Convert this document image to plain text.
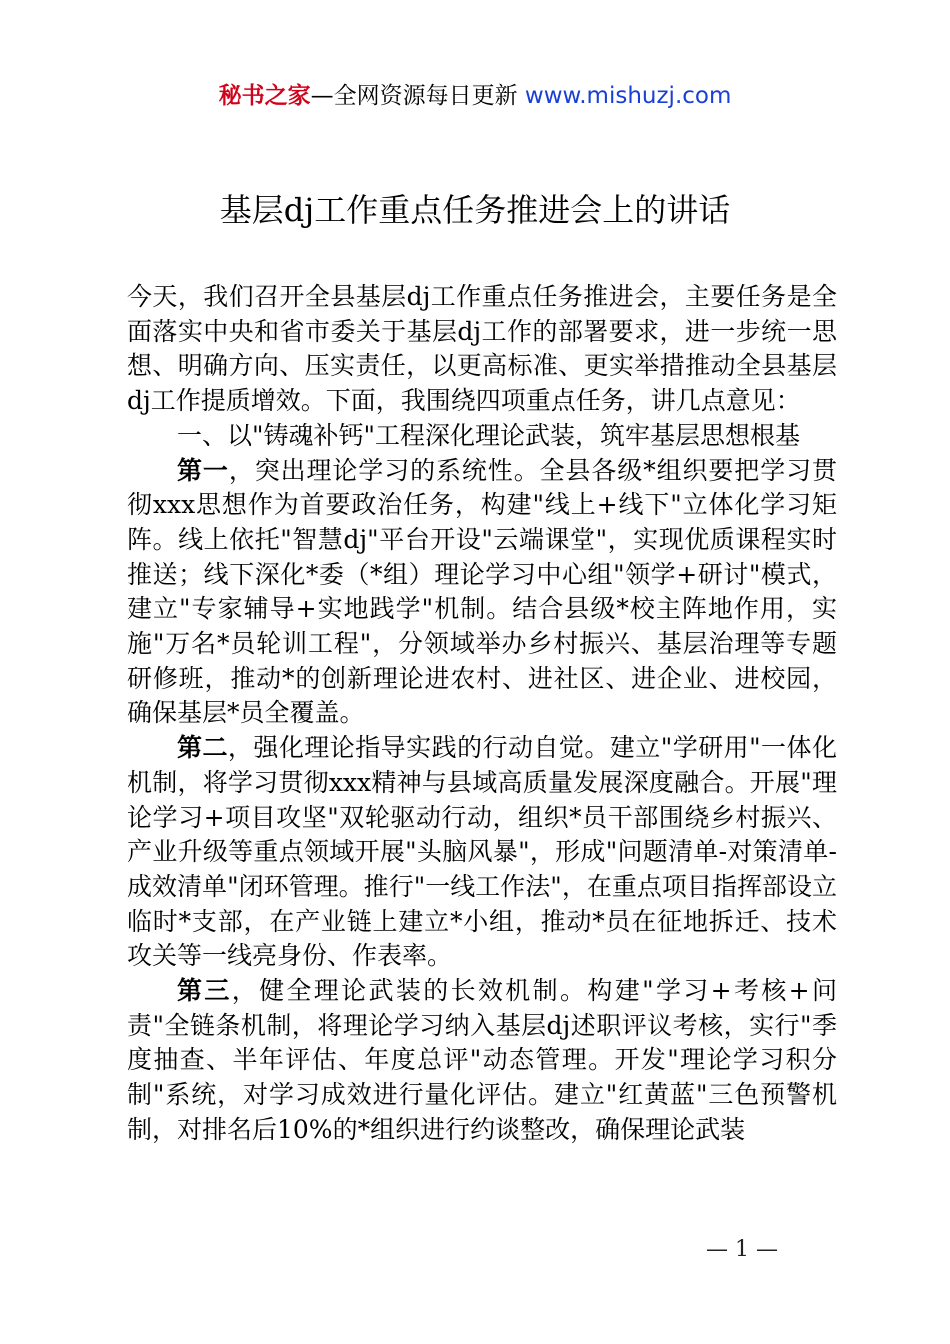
秘书之家—全网资源每日更新 www.mishuzj.com
基层dj工作重点任务推进会上的讲话

今天，我们召开全县基层dj工作重点任务推进会，主要任务是全面落实中央和省市委关于基层dj工作的部署要求，进一步统一思想、明确方向、压实责任，以更高标准、更实举措推动全县基层dj工作提质增效。下面，我围绕四项重点任务，讲几点意见：

一、以"铸魂补钙"工程深化理论武装，筑牢基层思想根基

第一，突出理论学习的系统性。全县各级*组织要把学习贯彻xxx思想作为首要政治任务，构建"线上+线下"立体化学习矩阵。线上依托"智慧dj"平台开设"云端课堂"，实现优质课程实时推送；线下深化*委（*组）理论学习中心组"领学+研讨"模式，建立"专家辅导+实地践学"机制。结合县级*校主阵地作用，实施"万名*员轮训工程"，分领域举办乡村振兴、基层治理等专题研修班，推动*的创新理论进农村、进社区、进企业、进校园，确保基层*员全覆盖。

第二，强化理论指导实践的行动自觉。建立"学研用"一体化机制，将学习贯彻xxx精神与县域高质量发展深度融合。开展"理论学习+项目攻坚"双轮驱动行动，组织*员干部围绕乡村振兴、产业升级等重点领域开展"头脑风暴"，形成"问题清单-对策清单-成效清单"闭环管理。推行"一线工作法"，在重点项目指挥部设立临时*支部，在产业链上建立*小组，推动*员在征地拆迁、技术攻关等一线亮身份、作表率。

第三，健全理论武装的长效机制。构建"学习+考核+问责"全链条机制，将理论学习纳入基层dj述职评议考核，实行"季度抽查、半年评估、年度总评"动态管理。开发"理论学习积分制"系统，对学习成效进行量化评估。建立"红黄蓝"三色预警机制，对排名后10%的*组织进行约谈整改，确保理论武装

— 1 —
